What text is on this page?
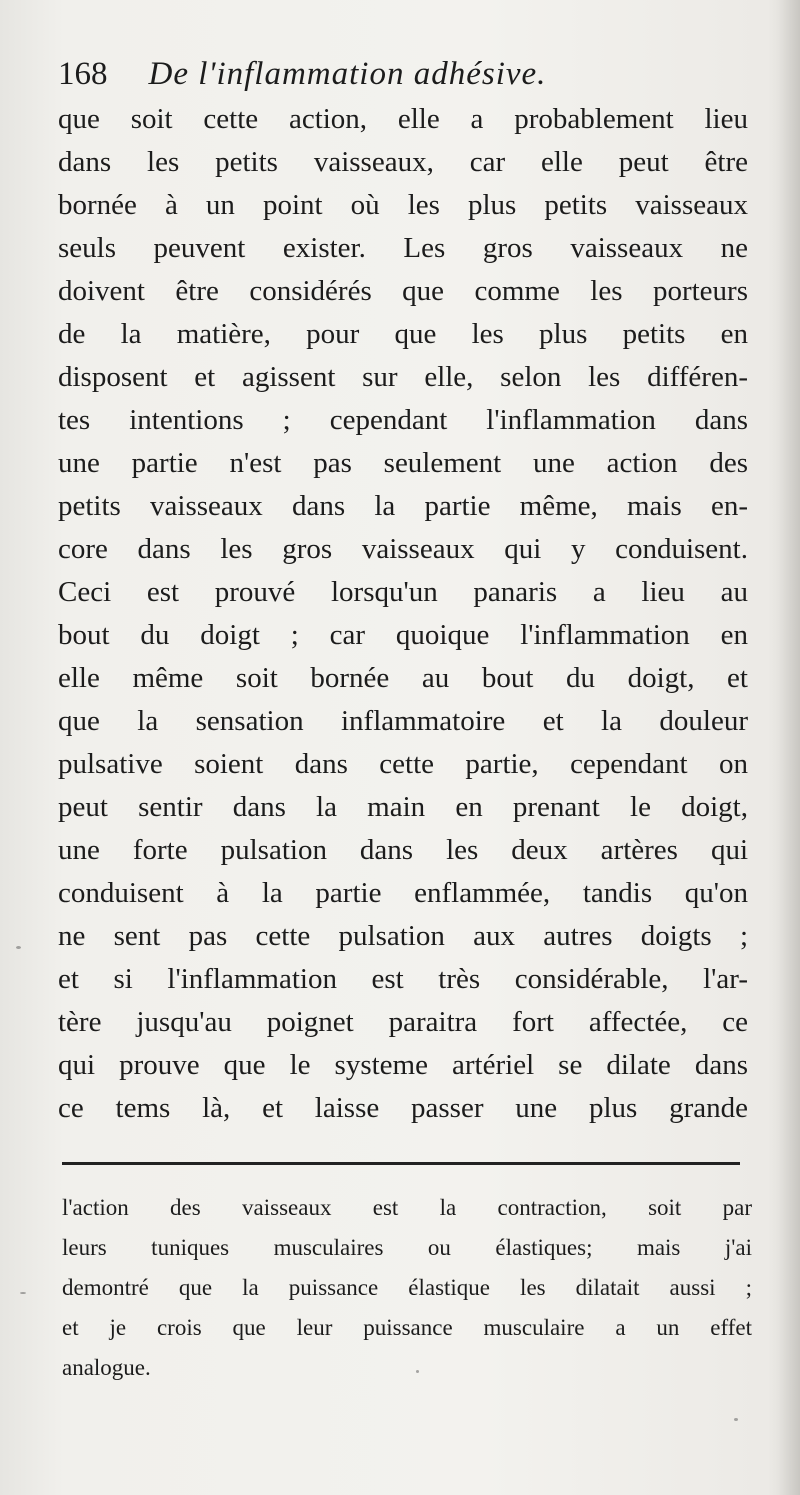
168 De l'inflammation adhésive.
que soit cette action, elle a probablement lieu
dans les petits vaisseaux, car elle peut être
bornée à un point où les plus petits vaisseaux
seuls peuvent exister. Les gros vaisseaux ne
doivent être considérés que comme les porteurs
de la matière, pour que les plus petits en
disposent et agissent sur elle, selon les différen-
tes intentions ; cependant l'inflammation dans
une partie n'est pas seulement une action des
petits vaisseaux dans la partie même, mais en-
core dans les gros vaisseaux qui y conduisent.
Ceci est prouvé lorsqu'un panaris a lieu au
bout du doigt ; car quoique l'inflammation en
elle même soit bornée au bout du doigt, et
que la sensation inflammatoire et la douleur
pulsative soient dans cette partie, cependant on
peut sentir dans la main en prenant le doigt,
une forte pulsation dans les deux artères qui
conduisent à la partie enflammée, tandis qu'on
ne sent pas cette pulsation aux autres doigts ;
et si l'inflammation est très considérable, l'ar-
tère jusqu'au poignet paraitra fort affectée, ce
qui prouve que le systeme artériel se dilate dans
ce tems là, et laisse passer une plus grande
l'action des vaisseaux est la contraction, soit par
leurs tuniques musculaires ou élastiques; mais j'ai
demontré que la puissance élastique les dilatait aussi ;
et je crois que leur puissance musculaire a un effet
analogue.
